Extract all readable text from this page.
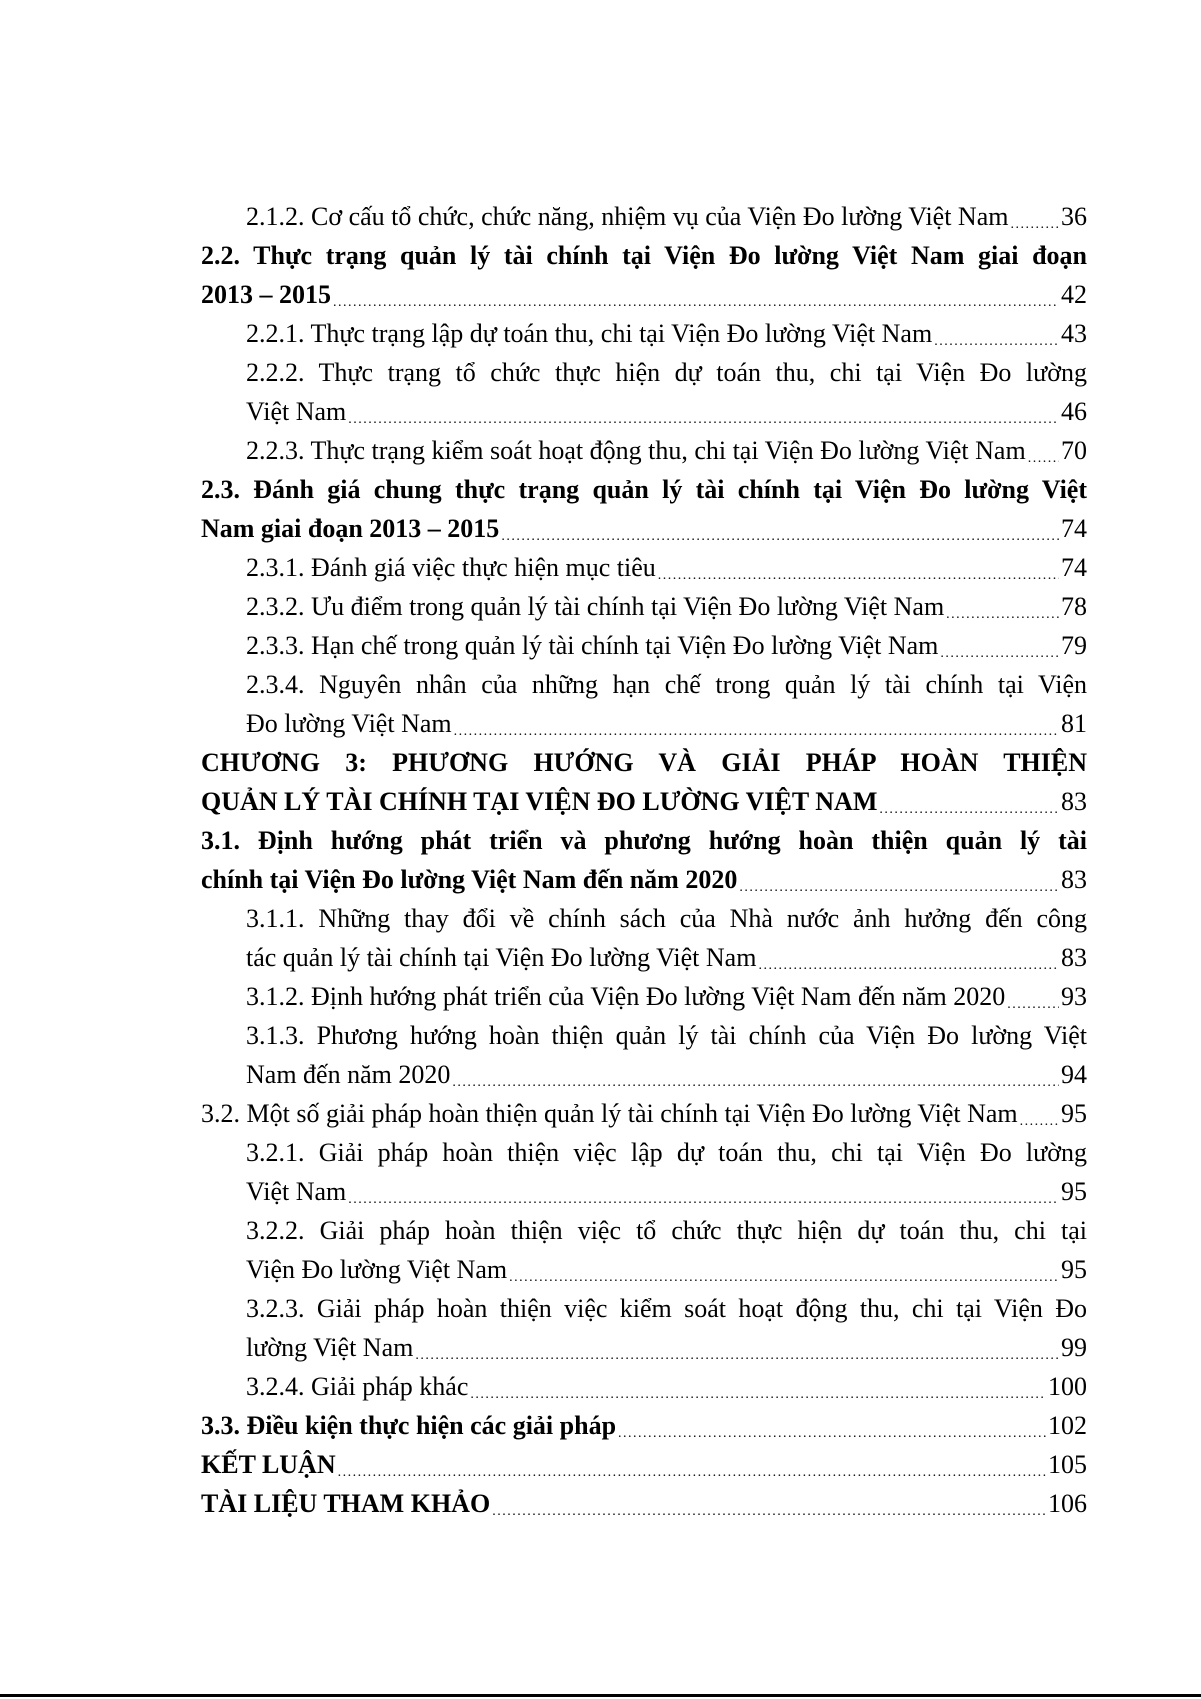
2.1.2. Cơ cấu tổ chức, chức năng, nhiệm vụ của Viện Đo lường Việt Nam . . . 36
2.2. Thực trạng quản lý tài chính tại Viện Đo lường Việt Nam giai đoạn
2013 – 2015 . . .	42
2.2.1. Thực trạng lập dự toán thu, chi tại Viện Đo lường Việt Nam . . .	43
2.2.2. Thực trạng tổ chức thực hiện dự toán thu, chi tại Viện Đo lường
Việt Nam . . .	46
2.2.3. Thực trạng kiểm soát hoạt động thu, chi tại Viện Đo lường Việt Nam . . . 70
2.3. Đánh giá chung thực trạng quản lý tài chính tại Viện Đo lường Việt
Nam giai đoạn 2013 – 2015 . . .	74
2.3.1. Đánh giá việc thực hiện mục tiêu . . .	74
2.3.2. Ưu điểm trong quản lý tài chính tại Viện Đo lường Việt Nam . . .	78
2.3.3. Hạn chế trong quản lý tài chính tại Viện Đo lường Việt Nam . . .	79
2.3.4. Nguyên nhân của những hạn chế trong quản lý tài chính tại Viện
Đo lường Việt Nam . . .	81
CHƯƠNG 3: PHƯƠNG HƯỚNG VÀ GIẢI PHÁP HOÀN THIỆN
QUẢN LÝ TÀI CHÍNH TẠI VIỆN ĐO LƯỜNG VIỆT NAM . . .	83
3.1. Định hướng phát triển và phương hướng hoàn thiện quản lý tài
chính tại Viện Đo lường Việt Nam đến năm 2020 . . .	83
3.1.1. Những thay đổi về chính sách của Nhà nước ảnh hưởng đến công
tác quản lý tài chính tại Viện Đo lường Việt Nam . . .	83
3.1.2. Định hướng phát triển của Viện Đo lường Việt Nam đến năm 2020 . . . 93
3.1.3. Phương hướng hoàn thiện quản lý tài chính của Viện Đo lường Việt
Nam đến năm 2020 . . .	94
3.2. Một số giải pháp hoàn thiện quản lý tài chính tại Viện Đo lường Việt Nam . . . 95
3.2.1. Giải pháp hoàn thiện việc lập dự toán thu, chi tại Viện Đo lường
Việt Nam . . .	95
3.2.2. Giải pháp hoàn thiện việc tổ chức thực hiện dự toán thu, chi tại
Viện Đo lường Việt Nam . . .	95
3.2.3. Giải pháp hoàn thiện việc kiểm soát hoạt động thu, chi tại Viện Đo
lường Việt Nam . . .	99
3.2.4. Giải pháp khác . . .	100
3.3. Điều kiện thực hiện các giải pháp . . .	102
KẾT LUẬN . . .	105
TÀI LIỆU THAM KHẢO . . .	106
